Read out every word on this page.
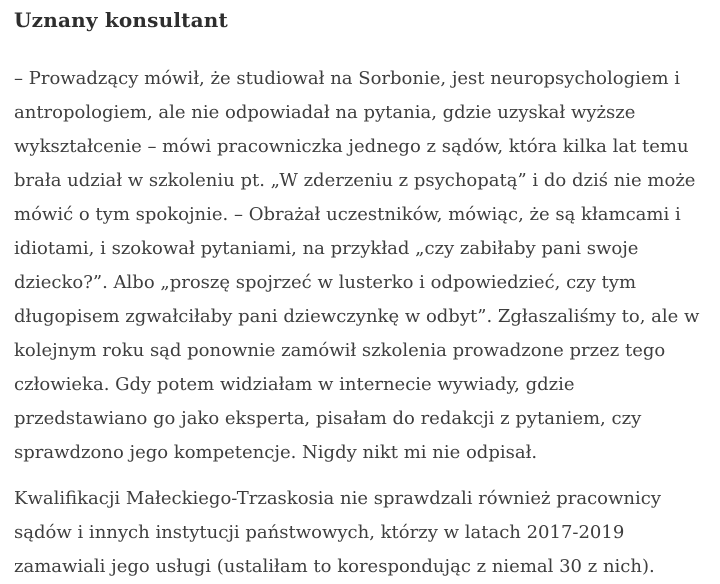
Uznany konsultant

– Prowadzący mówił, że studiował na Sorbonie, jest neuropsychologiem i antropologiem, ale nie odpowiadał na pytania, gdzie uzyskał wyższe wykształcenie – mówi pracowniczka jednego z sądów, która kilka lat temu brała udział w szkoleniu pt. „W zderzeniu z psychopatą” i do dziś nie może mówić o tym spokojnie. – Obrażał uczestników, mówiąc, że są kłamcami i idiotami, i szokował pytaniami, na przykład „czy zabiłaby pani swoje dziecko?”. Albo „proszę spojrzeć w lusterko i odpowiedzieć, czy tym długopisem zgwałciłaby pani dziewczynkę w odbyt”. Zgłaszaliśmy to, ale w kolejnym roku sąd ponownie zamówił szkolenia prowadzone przez tego człowieka. Gdy potem widziałam w internecie wywiady, gdzie przedstawiano go jako eksperta, pisałam do redakcji z pytaniem, czy sprawdzono jego kompetencje. Nigdy nikt mi nie odpisał.

Kwalifikacji Małeckiego-Trzaskosia nie sprawdzali również pracownicy sądów i innych instytucji państwowych, którzy w latach 2017-2019 zamawiali jego usługi (ustaliłam to korespondując z niemal 30 z nich).
